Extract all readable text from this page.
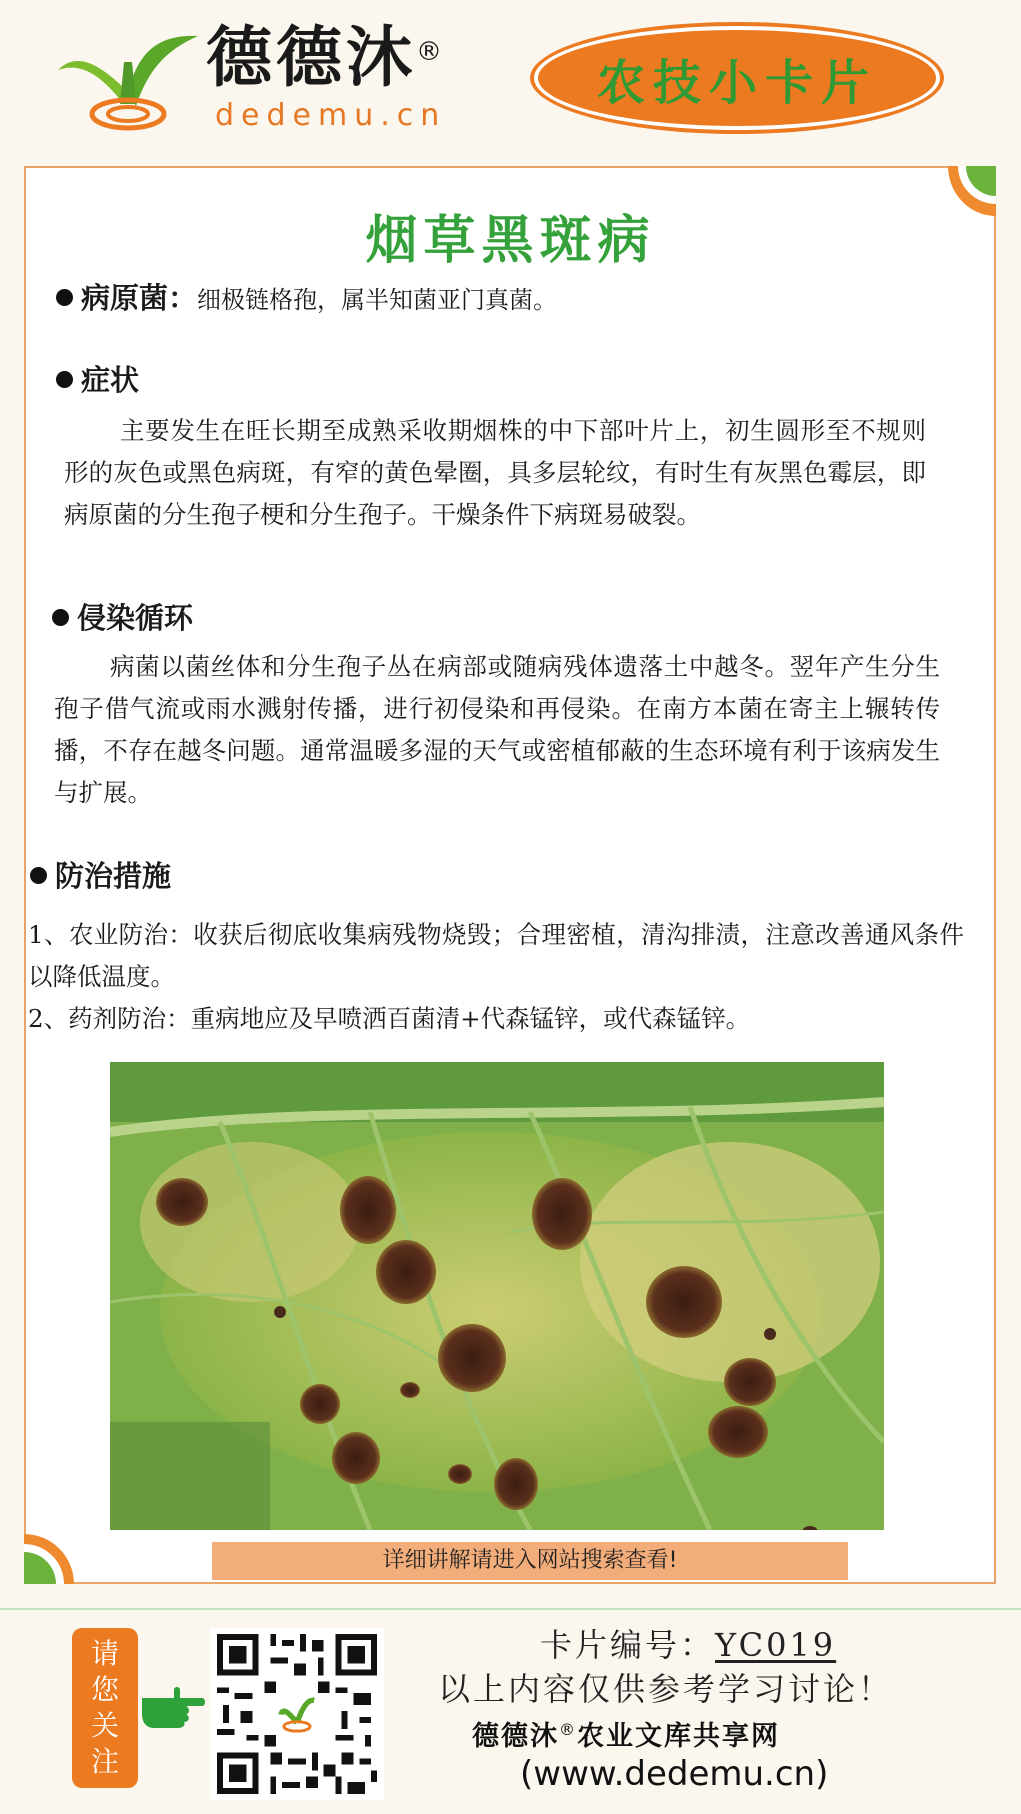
德德沐®
dedemu.cn
农技小卡片
烟草黑斑病
病原菌：细极链格孢，属半知菌亚门真菌。
症状

主要发生在旺长期至成熟采收期烟株的中下部叶片上，初生圆形至不规则形的灰色或黑色病斑，有窄的黄色晕圈，具多层轮纹，有时生有灰黑色霉层，即病原菌的分生孢子梗和分生孢子。干燥条件下病斑易破裂。

侵染循环

病菌以菌丝体和分生孢子丛在病部或随病残体遗落土中越冬。翌年产生分生孢子借气流或雨水溅射传播，进行初侵染和再侵染。在南方本菌在寄主上辗转传播，不存在越冬问题。通常温暖多湿的天气或密植郁蔽的生态环境有利于该病发生与扩展。

防治措施

1、农业防治：收获后彻底收集病残物烧毁；合理密植，清沟排渍，注意改善通风条件以降低温度。

2、药剂防治：重病地应及早喷洒百菌清+代森锰锌，或代森锰锌。

详细讲解请进入网站搜索查看!
请
您
关
注
卡片编号：YC019
以上内容仅供参考学习讨论！
德德沐®农业文库共享网
(www.dedemu.cn)
